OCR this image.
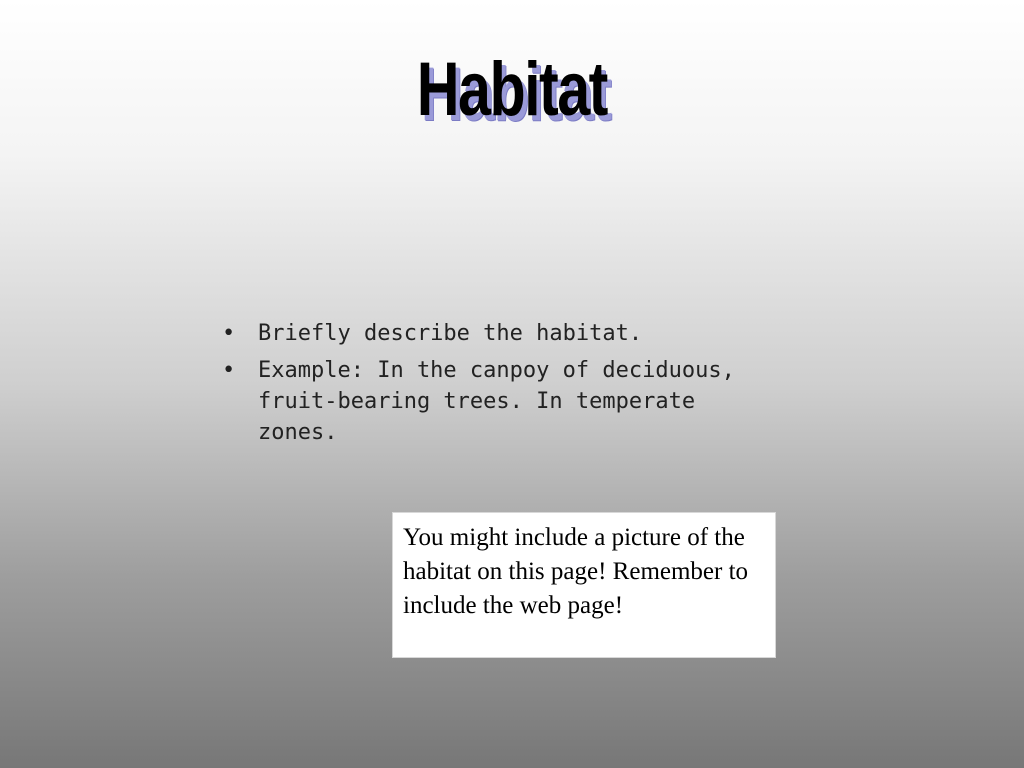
Habitat
•	Briefly describe the habitat.
•	Example: In the canpoy of deciduous, fruit-bearing trees. In temperate zones.
You might include a picture of the habitat on this page! Remember to include the web page!
